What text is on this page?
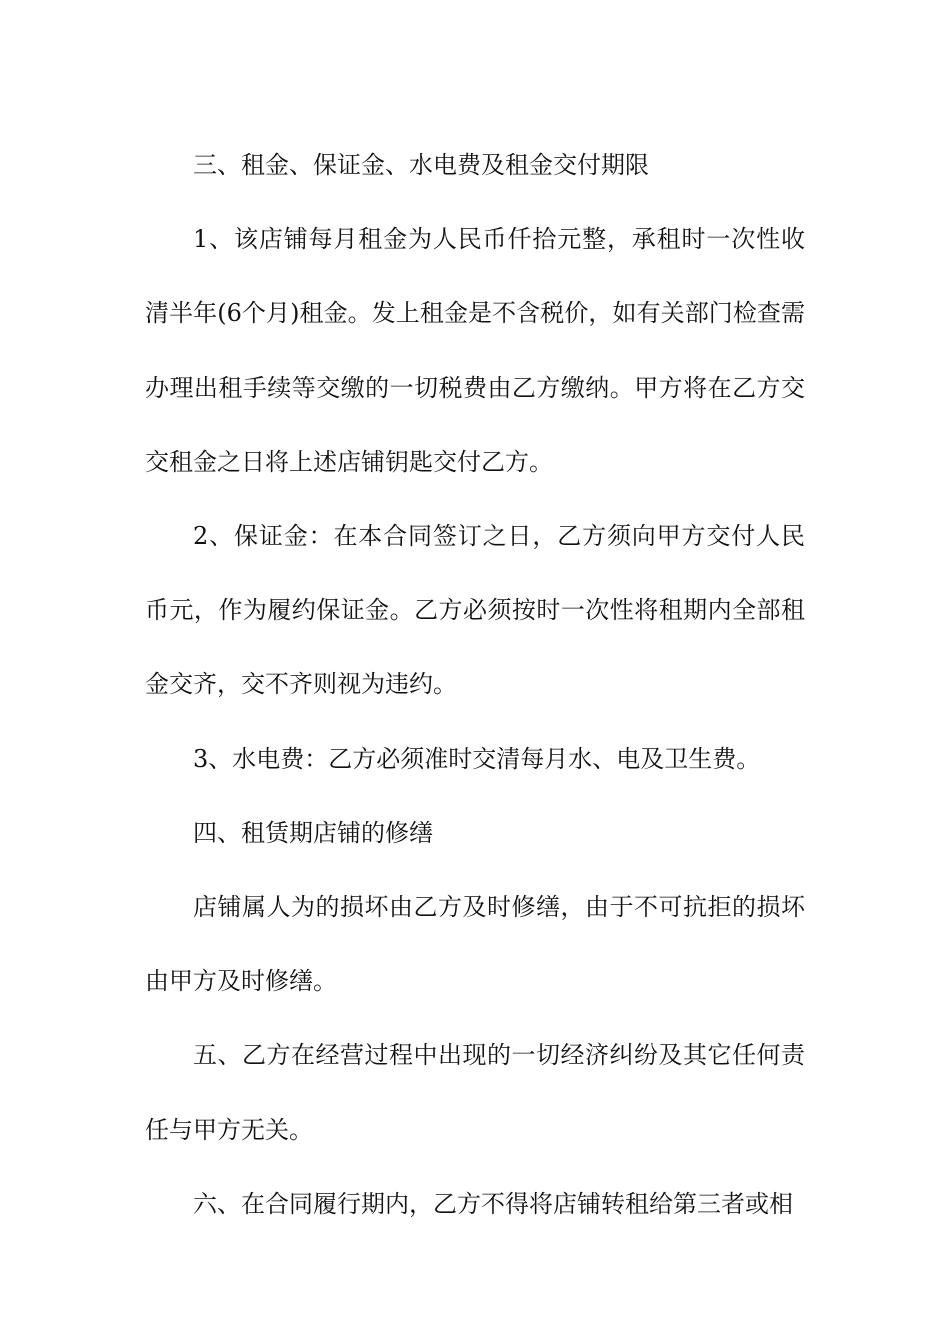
三、租金、保证金、水电费及租金交付期限

1、该店铺每月租金为人民币仟拾元整，承租时一次性收清半年(6个月)租金。发上租金是不含税价，如有关部门检查需办理出租手续等交缴的一切税费由乙方缴纳。甲方将在乙方交交租金之日将上述店铺钥匙交付乙方。

2、保证金：在本合同签订之日，乙方须向甲方交付人民币元，作为履约保证金。乙方必须按时一次性将租期内全部租金交齐，交不齐则视为违约。

3、水电费：乙方必须准时交清每月水、电及卫生费。

四、租赁期店铺的修缮

店铺属人为的损坏由乙方及时修缮，由于不可抗拒的损坏由甲方及时修缮。

五、乙方在经营过程中出现的一切经济纠纷及其它任何责任与甲方无关。

六、在合同履行期内，乙方不得将店铺转租给第三者或相
